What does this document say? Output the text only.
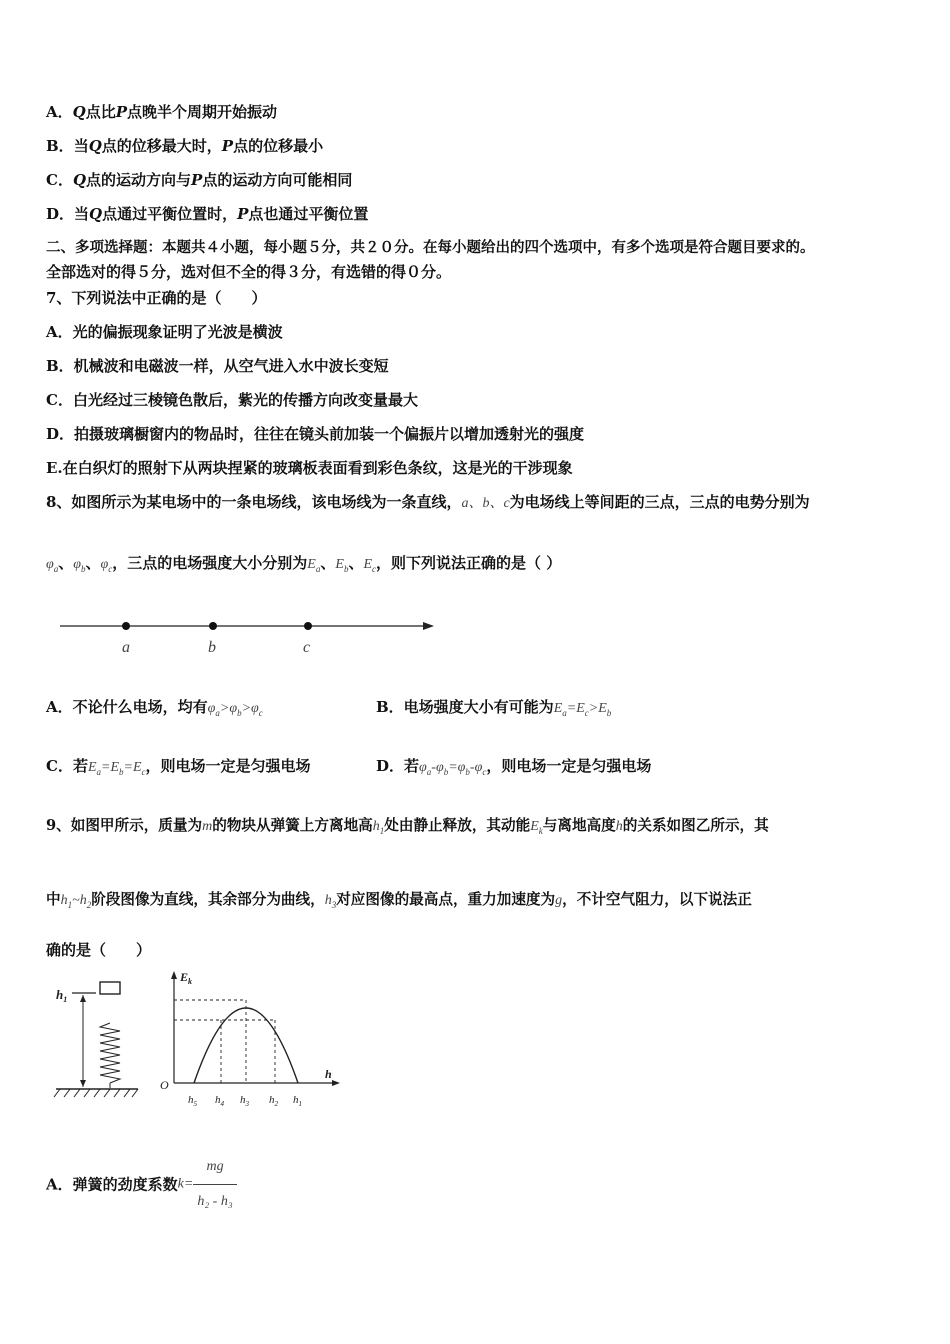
A．Q点比P点晚半个周期开始振动
B．当Q点的位移最大时，P点的位移最小
C．Q点的运动方向与P点的运动方向可能相同
D．当Q点通过平衡位置时，P点也通过平衡位置
二、多项选择题：本题共４小题，每小题５分，共２０分。在每小题给出的四个选项中，有多个选项是符合题目要求的。
全部选对的得５分，选对但不全的得３分，有选错的得０分。
7、下列说法中正确的是（　　）
A．光的偏振现象证明了光波是横波
B．机械波和电磁波一样，从空气进入水中波长变短
C．白光经过三棱镜色散后，紫光的传播方向改变量最大
D．拍摄玻璃橱窗内的物品时，往往在镜头前加装一个偏振片以增加透射光的强度
E.在白织灯的照射下从两块捏紧的玻璃板表面看到彩色条纹，这是光的干涉现象
8、如图所示为某电场中的一条电场线，该电场线为一条直线，a、b、c为电场线上等间距的三点，三点的电势分别为
$\varphi_a$、$\varphi_b$、$\varphi_c$，三点的电场强度大小分别为$E_a$、$E_b$、$E_c$，则下列说法正确的是（ ）
a	b	c
A．不论什么电场，均有$\varphi_a>\varphi_b>\varphi_c$	B．电场强度大小有可能为$E_a=E_c>E_b$
C．若$E_a=E_b=E_c$，则电场一定是匀强电场	D．若$\varphi_a-\varphi_b=\varphi_b-\varphi_c$，则电场一定是匀强电场
9、如图甲所示，质量为m的物块从弹簧上方离地高$h_1$处由静止释放，其动能$E_k$与离地高度h的关系如图乙所示，其
中$h_1\sim h_2$阶段图像为直线，其余部分为曲线，$h_3$对应图像的最高点，重力加速度为g，不计空气阻力，以下说法正
确的是（　　）
$h_1$
$E_k$
h
O
$h_5$ $h_4$ $h_3$ $h_2$ $h_1$
A．弹簧的劲度系数$k= \frac{mg}{\text{h₂ - h₃}}$
